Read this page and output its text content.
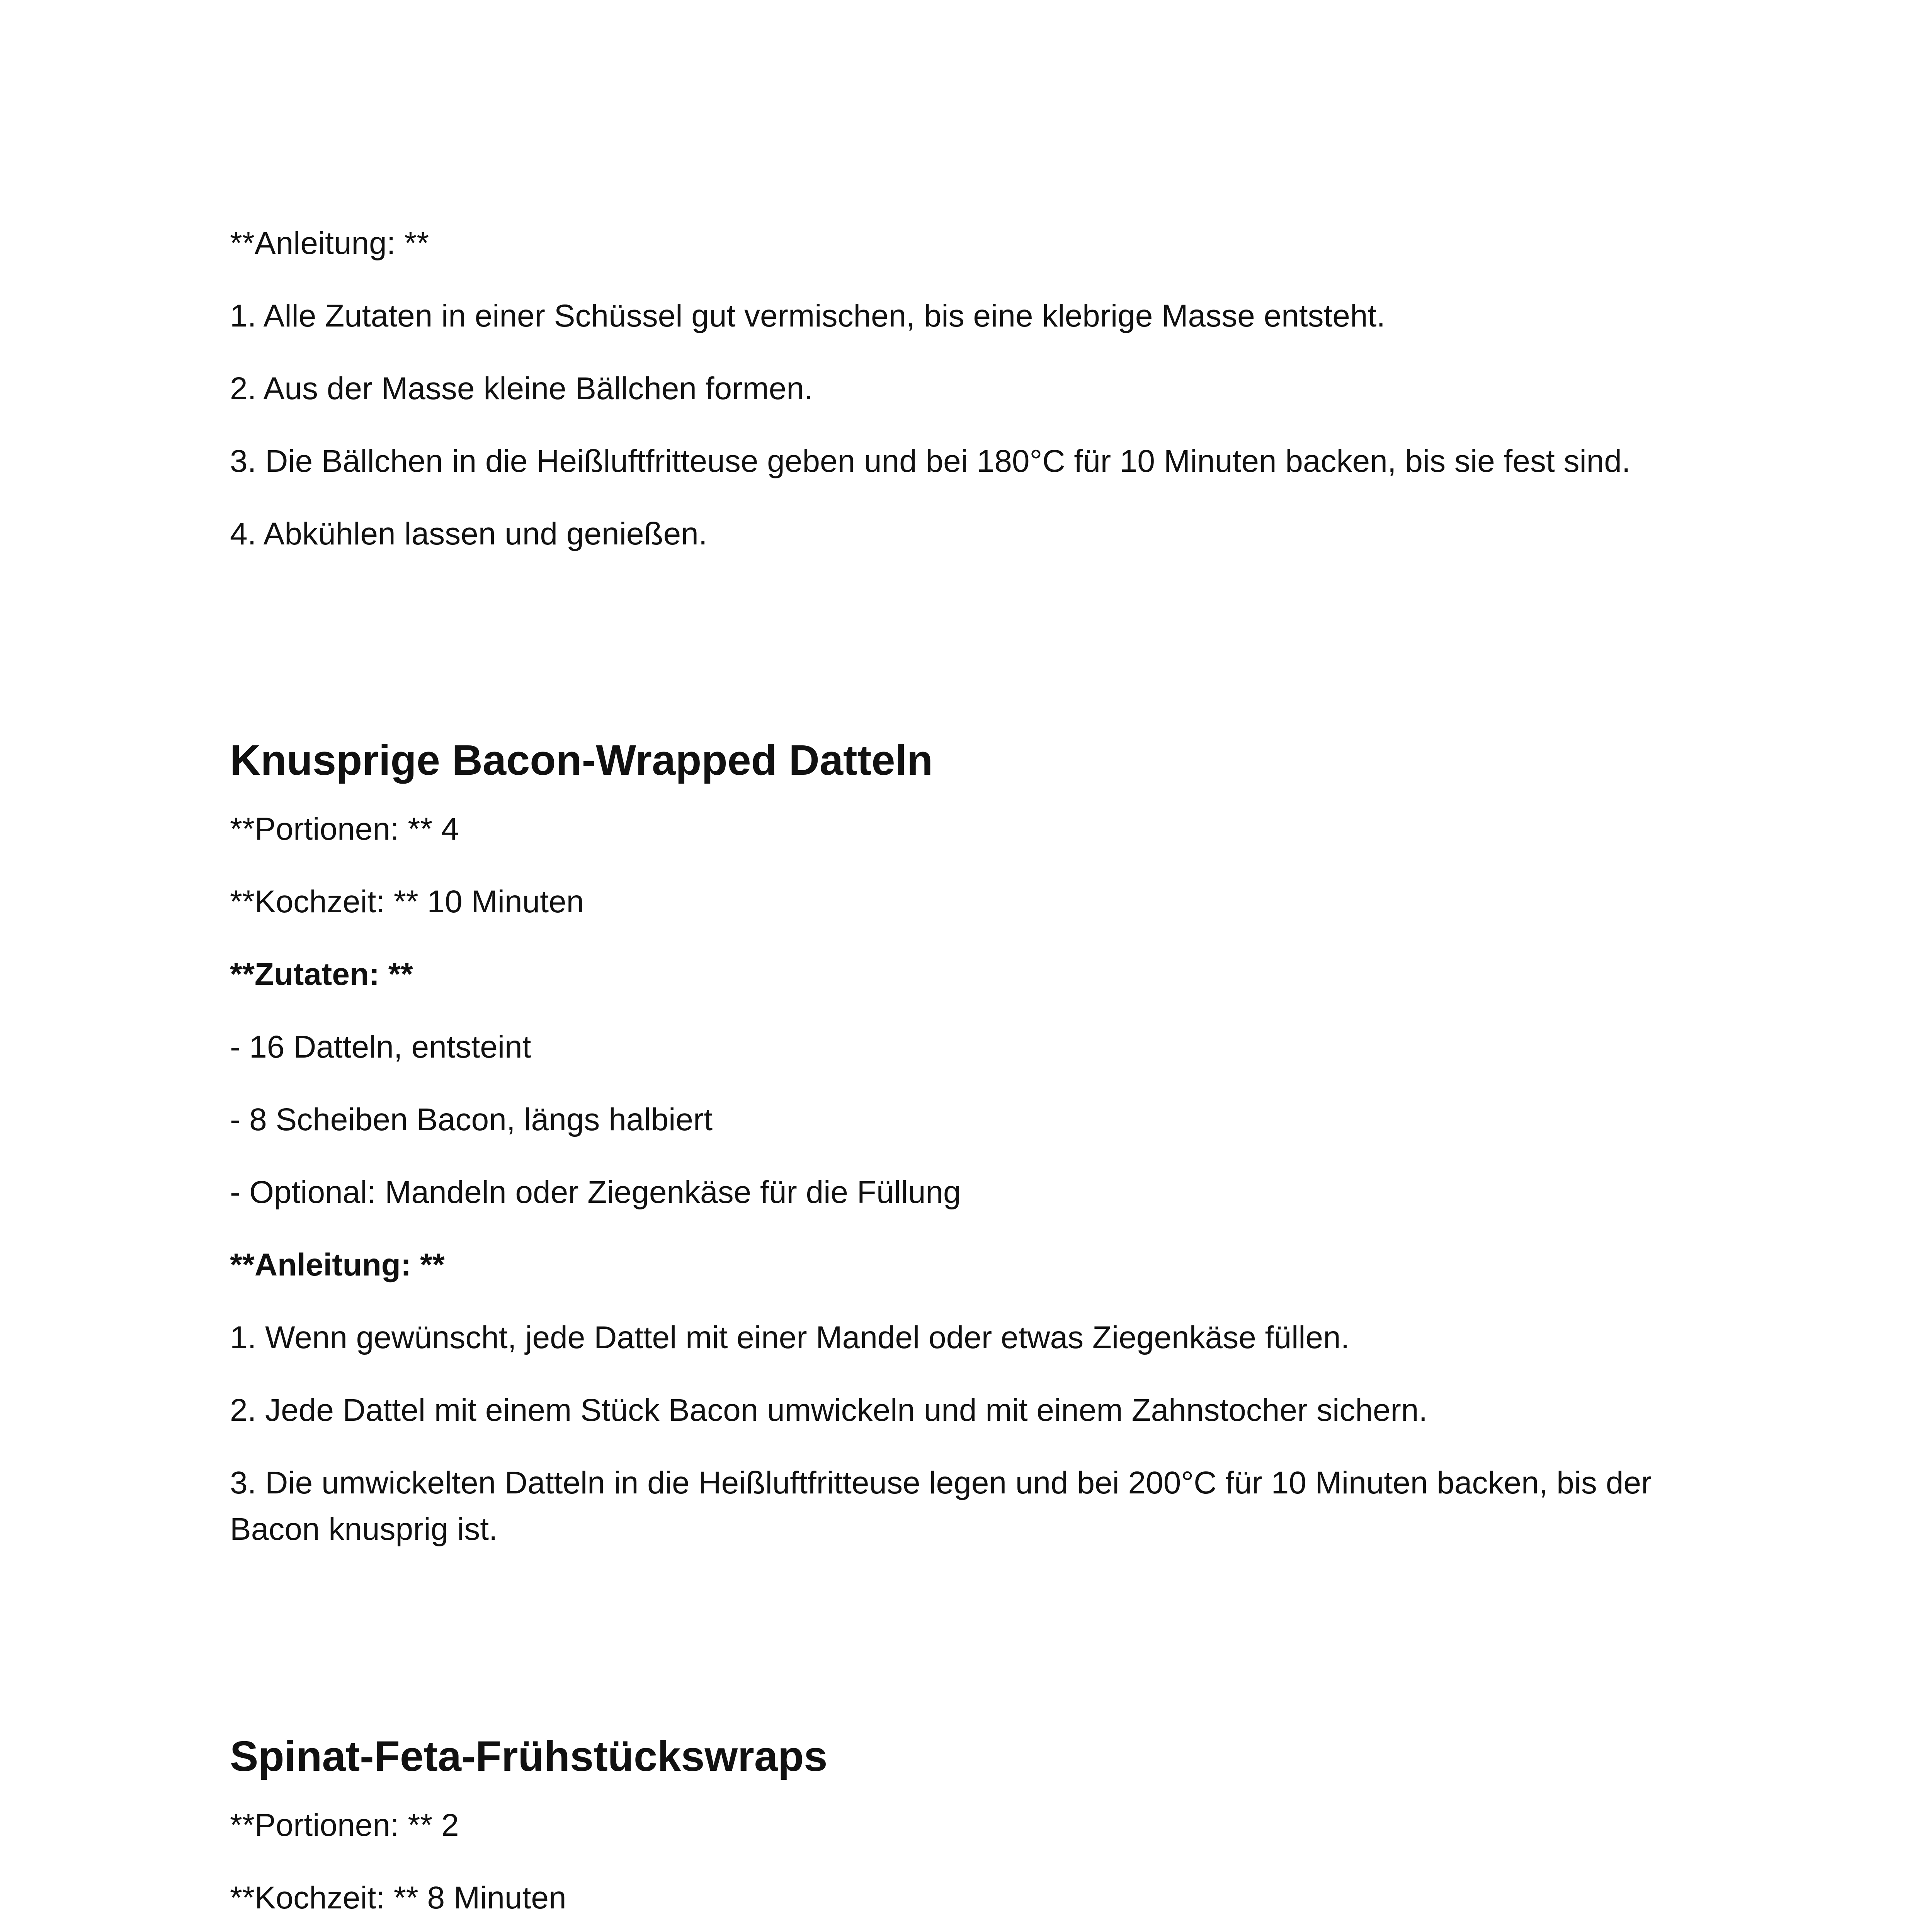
**Anleitung: **

1. Alle Zutaten in einer Schüssel gut vermischen, bis eine klebrige Masse entsteht.

2. Aus der Masse kleine Bällchen formen.

3. Die Bällchen in die Heißluftfritteuse geben und bei 180°C für 10 Minuten backen, bis sie fest sind.

4. Abkühlen lassen und genießen.

Knusprige Bacon-Wrapped Datteln

**Portionen: ** 4

**Kochzeit: ** 10 Minuten

**Zutaten: **

- 16 Datteln, entsteint

- 8 Scheiben Bacon, längs halbiert

- Optional: Mandeln oder Ziegenkäse für die Füllung

**Anleitung: **

1. Wenn gewünscht, jede Dattel mit einer Mandel oder etwas Ziegenkäse füllen.

2. Jede Dattel mit einem Stück Bacon umwickeln und mit einem Zahnstocher sichern.

3. Die umwickelten Datteln in die Heißluftfritteuse legen und bei 200°C für 10 Minuten backen, bis der Bacon knusprig ist.

Spinat-Feta-Frühstückswraps

**Portionen: ** 2

**Kochzeit: ** 8 Minuten
